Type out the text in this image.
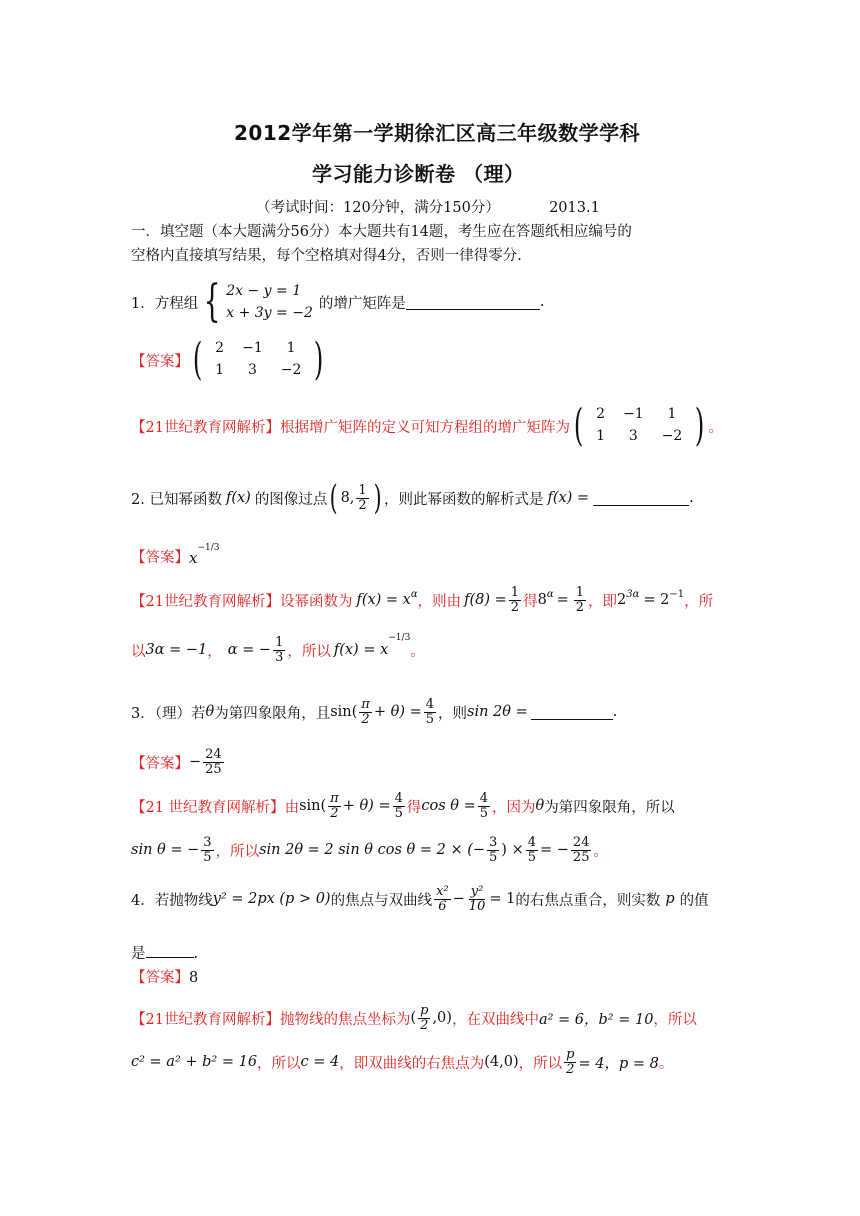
2012学年第一学期徐汇区高三年级数学学科
学习能力诊断卷 （理）
（考试时间：120分钟，满分150分）	2013.1
一．填空题（本大题满分56分）本大题共有14题，考生应在答题纸相应编号的
空格内直接填写结果，每个空格填对得4分，否则一律得零分.
1．方程组 { 2x − y = 1
x + 3y = −2
的增广矩阵是	.
【答案】 ( 2	−1	1
1	3	−2 )
【21世纪教育网解析】 根据增广矩阵的定义可知方程组的增广矩阵为 ( 2	−1	1
1	3	−2 ) 。
2. 已知幂函数 f(x) 的图像过点 ( 8, $\frac{1}{2}$ ) ，则此幂函数的解析式是 f(x) =	.
【答案】 x
−1/3
【21世纪教育网解析】 设幂函数为 $f(x) = x^\alpha$ ，则由 $f(8) = \frac{1}{2}$ 得 $8^\alpha = \frac{1}{2}$ ，即 $2^{3\alpha} = 2^{-1}$ ，所
以 3α = −1 ， α = − $\frac{1}{3}$ ，所以 f(x) = x
−1/3
。
3．（理）若 θ 为第四象限角，且 $\sin( \frac{\pi}{2} + \theta) = \frac{4}{5}$ ，则 sin 2θ =	.
【答案】 − $\frac{24}{25}$
【21 世纪教育网解析】 由 $\sin( \frac{\pi}{2} + \theta) = \frac{4}{5}$ 得 $\cos \theta = \frac{4}{5}$ ，因为 θ 为第四象限角，所以
sin θ = − $\frac{3}{5}$ ，所以 sin 2θ = 2 sin θ cos θ = 2 × (− $\frac{3}{5}$ ) × $\frac{4}{5}$ = − $\frac{24}{25}$ 。
4．若抛物线 y² = 2px (p > 0) 的焦点与双曲线 $\frac{\text{x²}}{6} - \frac{\text{y²}}{10} = 1$ 的右焦点重合，则实数 p 的值
是	.
【答案】8
【21世纪教育网解析】 抛物线的焦点坐标为 ( $\frac{p}{2} ,0$) ，在双曲线中 a² = 6，b² = 10 ，所以
c² = a² + b² = 16 ，所以 c = 4 ，即双曲线的右焦点为 (4,0) ，所以 $\frac{p}{2} = 4$，p = 8 。
